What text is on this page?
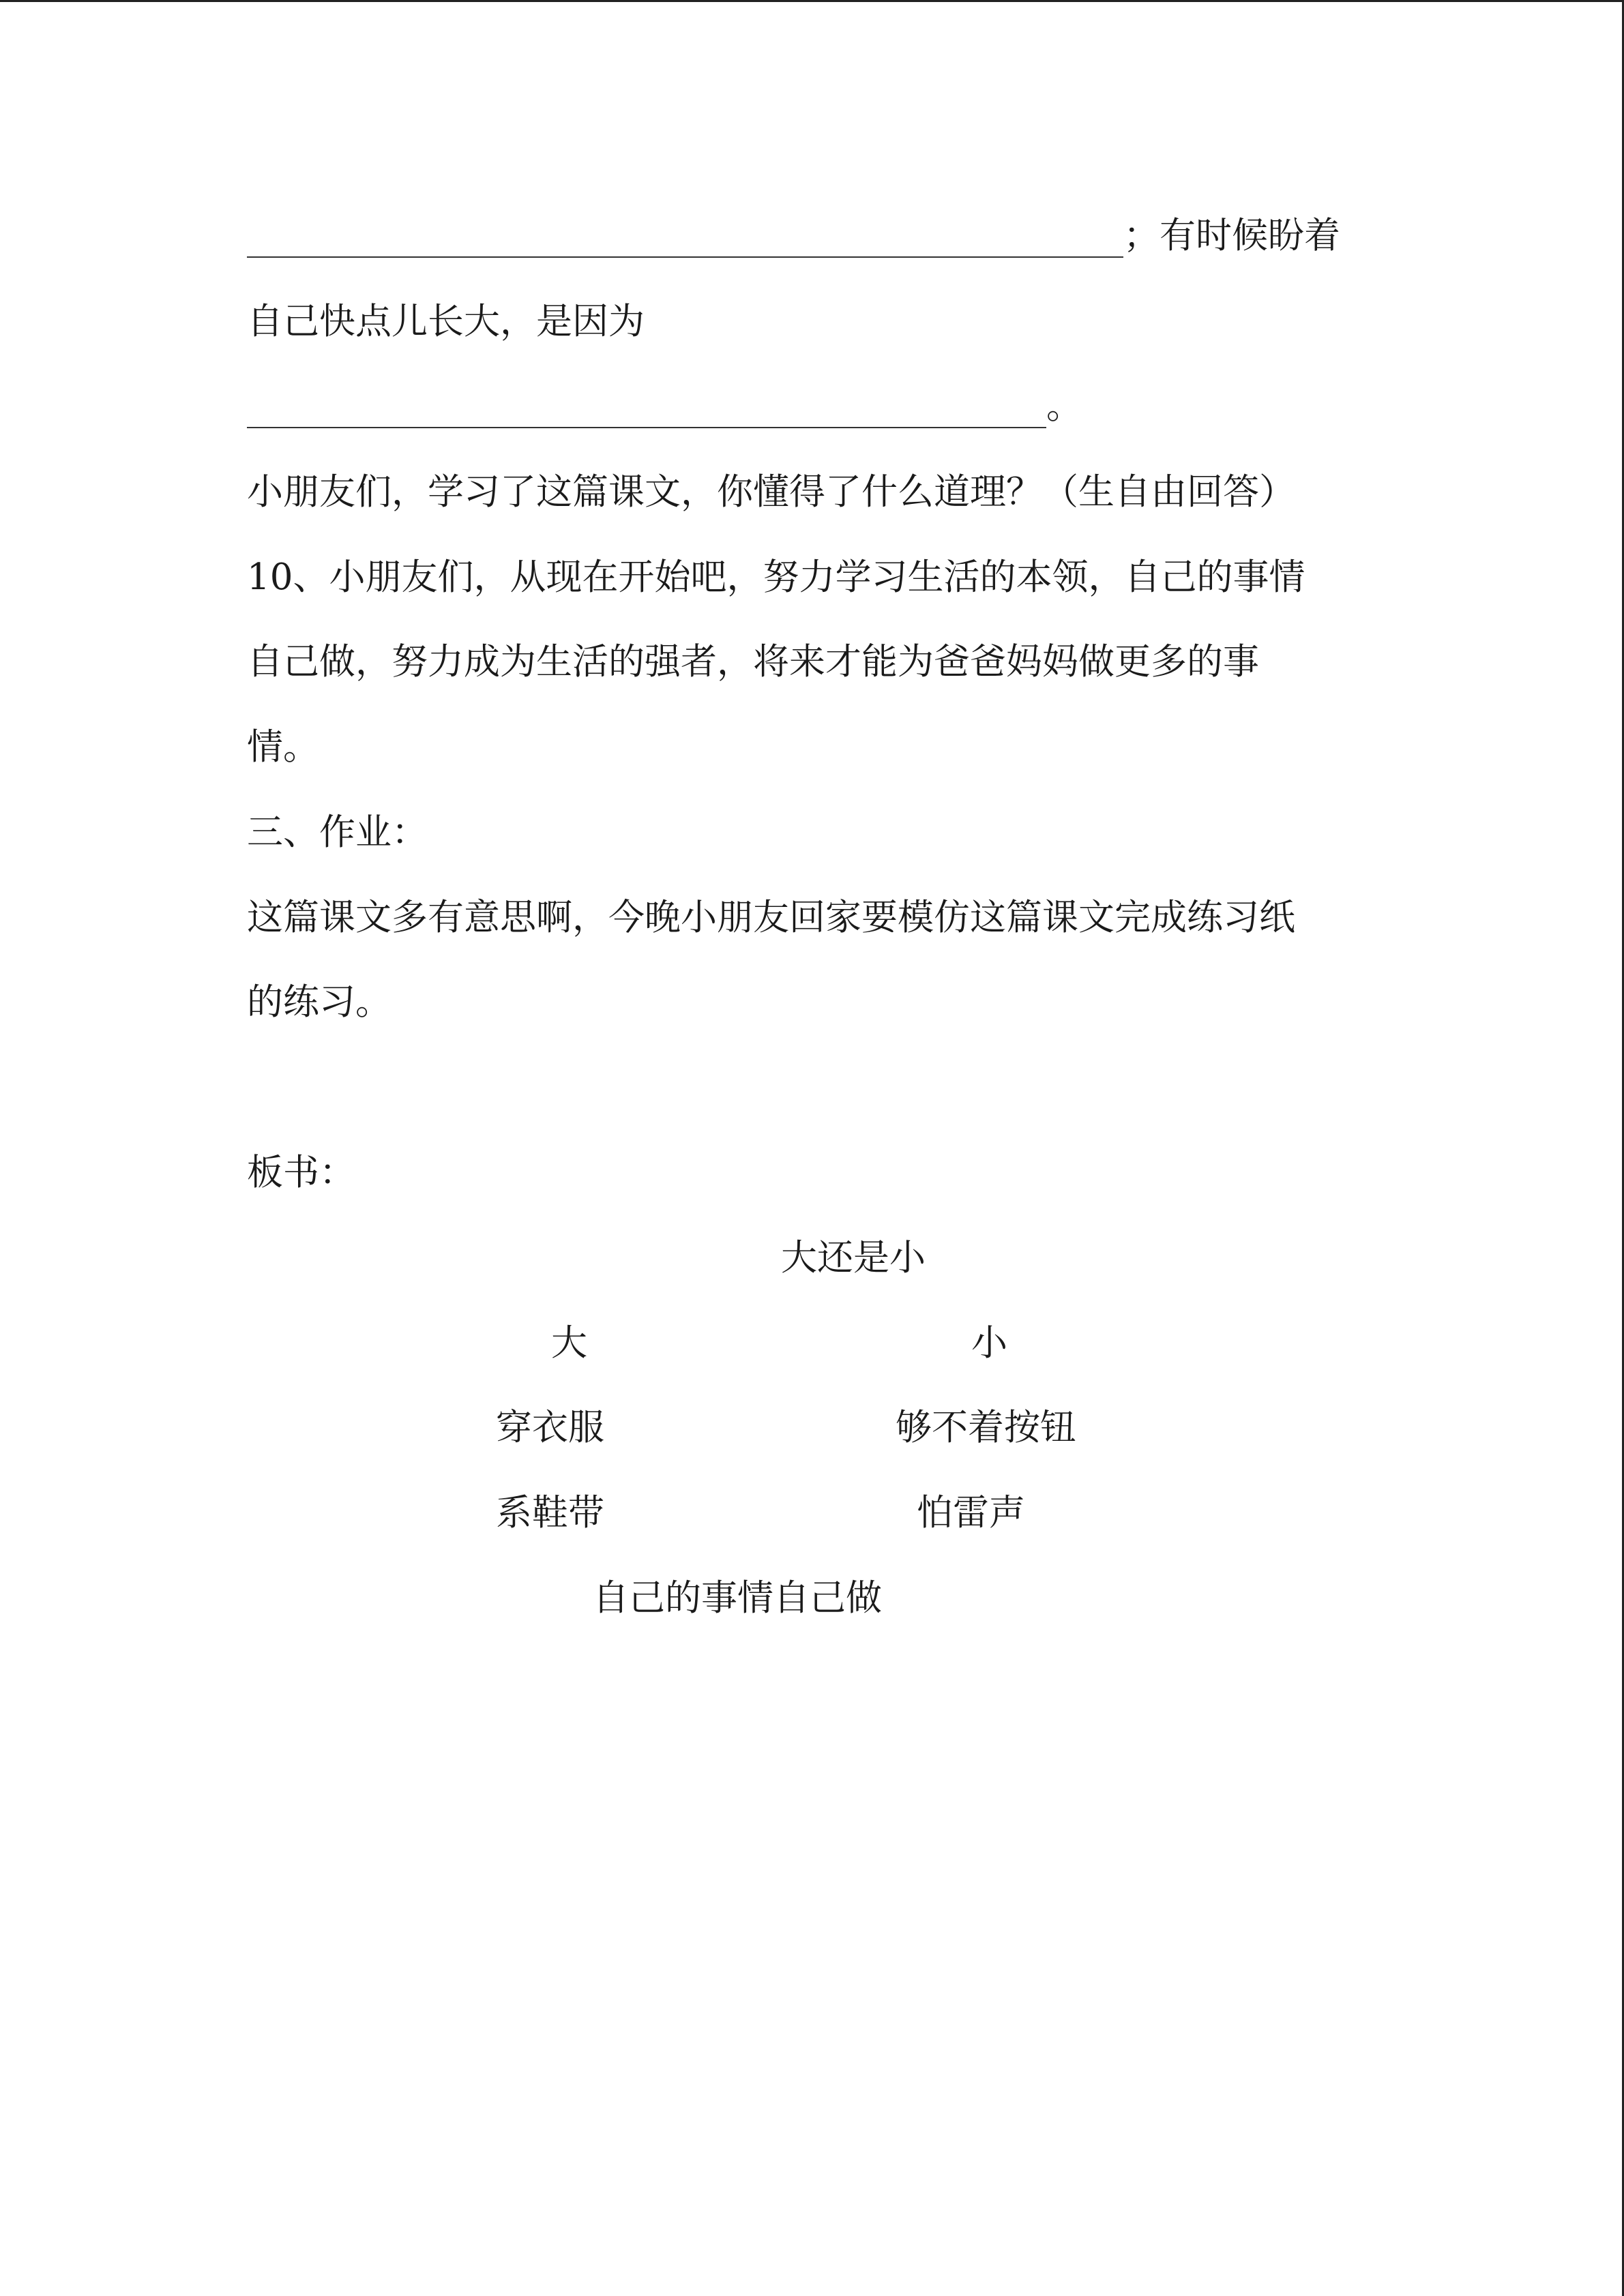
；有时候盼着
自己快点儿长大，是因为
。
小朋友们，学习了这篇课文，你懂得了什么道理？（生自由回答）
10、小朋友们，从现在开始吧，努力学习生活的本领，自己的事情
自己做，努力成为生活的强者，将来才能为爸爸妈妈做更多的事
情。
三、作业：
这篇课文多有意思啊，今晚小朋友回家要模仿这篇课文完成练习纸
的练习。
板书：
大还是小
大	小
穿衣服	够不着按钮
系鞋带	怕雷声
自己的事情自己做
